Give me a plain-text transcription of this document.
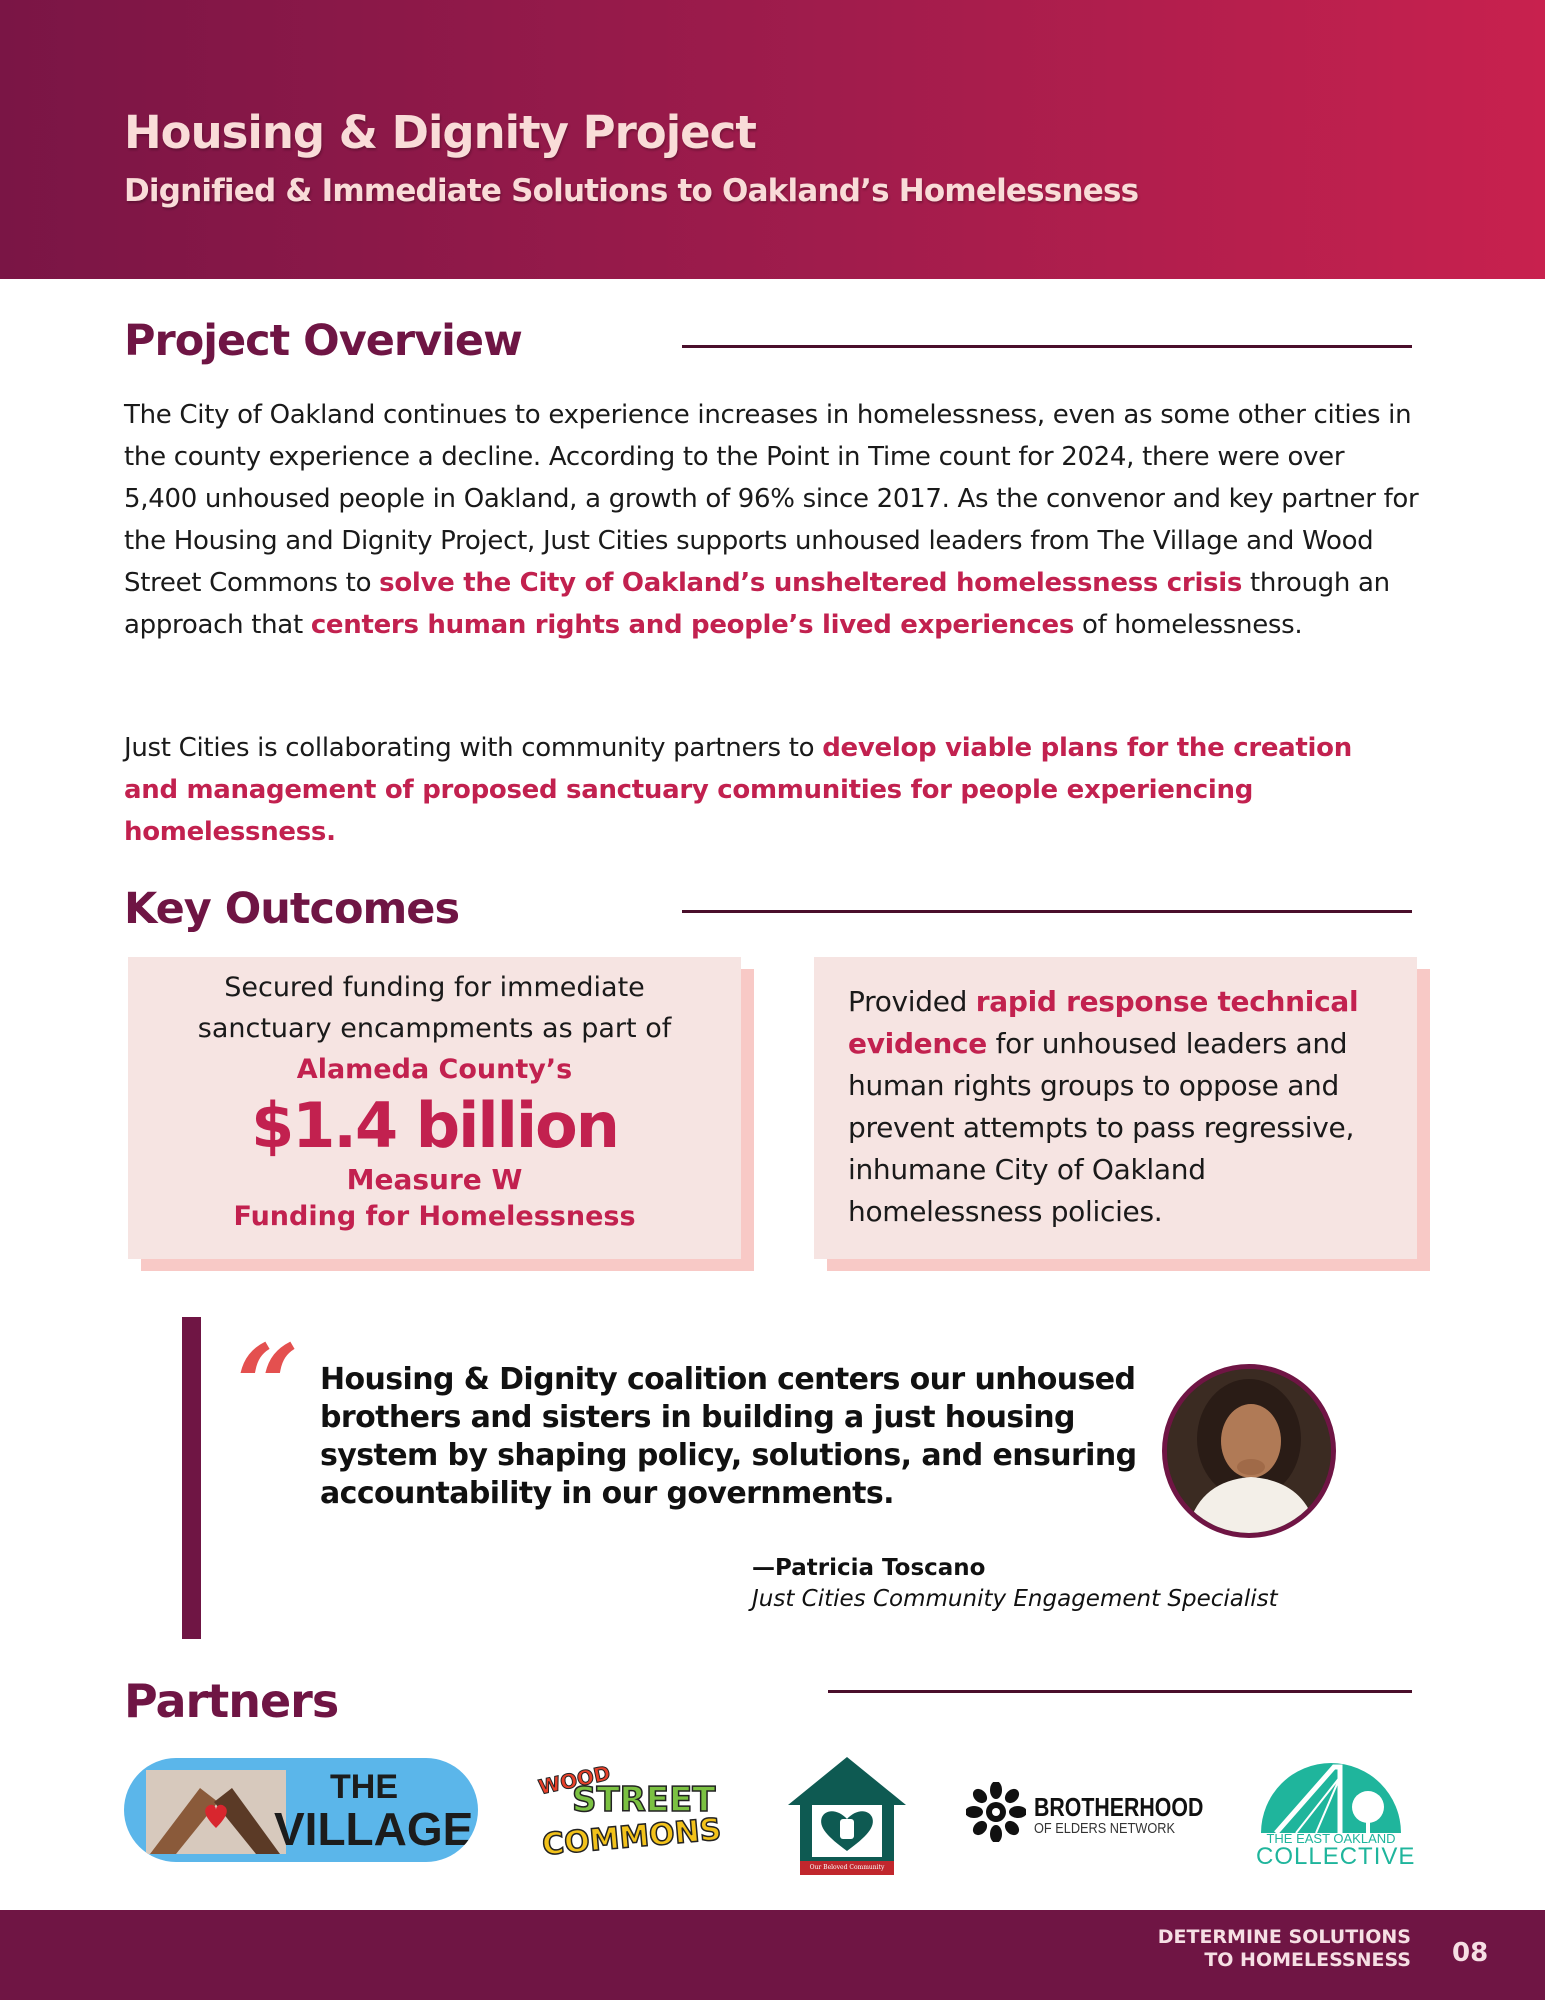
Housing & Dignity Project
Dignified & Immediate Solutions to Oakland’s Homelessness
Project Overview

The City of Oakland continues to experience increases in homelessness, even as some other cities in the county experience a decline. According to the Point in Time count for 2024, there were over 5,400 unhoused people in Oakland, a growth of 96% since 2017. As the convenor and key partner for the Housing and Dignity Project, Just Cities supports unhoused leaders from The Village and Wood Street Commons to solve the City of Oakland’s unsheltered homelessness crisis through an approach that centers human rights and people’s lived experiences of homelessness.

Just Cities is collaborating with community partners to develop viable plans for the creation and management of proposed sanctuary communities for people experiencing homelessness.

Key Outcomes
Secured funding for immediate sanctuary encampments as part of
Alameda County’s
$1.4 billion
Measure W
Funding for Homelessness
Provided rapid response technical evidence for unhoused leaders and human rights groups to oppose and prevent attempts to pass regressive, inhumane City of Oakland homelessness policies.
“ Housing & Dignity coalition centers our unhoused brothers and sisters in building a just housing system by shaping policy, solutions, and ensuring accountability in our governments.

—Patricia Toscano
Just Cities Community Engagement Specialist
Partners
THE
VILLAGE
WOOD
STREET
COMMONS
Our Beloved Community Action Network
BROTHERHOOD
OF ELDERS NETWORK
THE EAST OAKLAND
COLLECTIVE
DETERMINE SOLUTIONS
TO HOMELESSNESS 08
